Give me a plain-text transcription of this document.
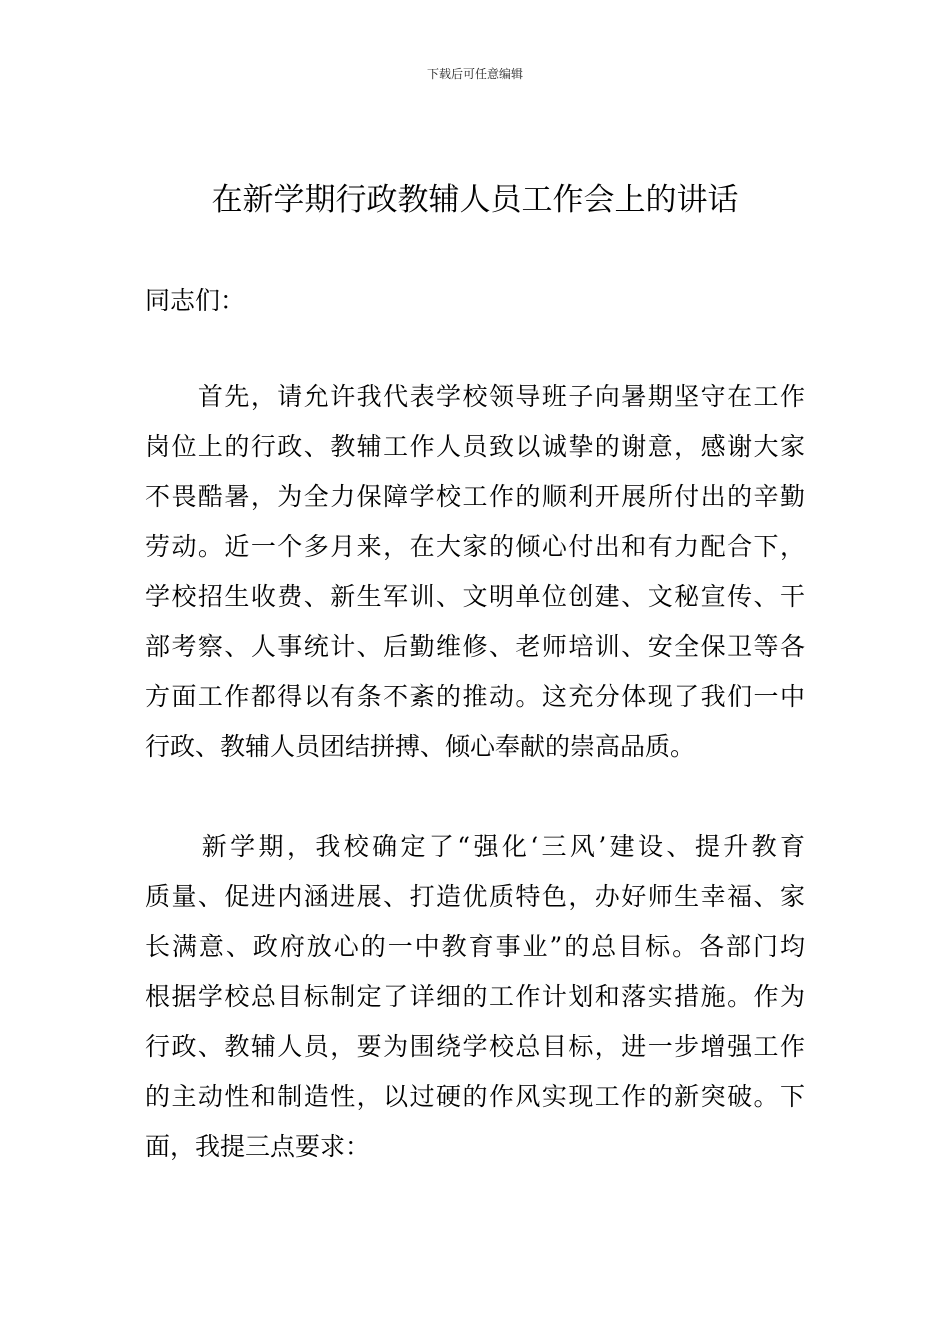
下载后可任意编辑
在新学期行政教辅人员工作会上的讲话
同志们：
　　首先，请允许我代表学校领导班子向暑期坚守在工作
岗位上的行政、教辅工作人员致以诚挚的谢意，感谢大家
不畏酷暑，为全力保障学校工作的顺利开展所付出的辛勤
劳动。近一个多月来，在大家的倾心付出和有力配合下，
学校招生收费、新生军训、文明单位创建、文秘宣传、干
部考察、人事统计、后勤维修、老师培训、安全保卫等各
方面工作都得以有条不紊的推动。这充分体现了我们一中
行政、教辅人员团结拼搏、倾心奉献的崇高品质。
　　新学期，我校确定了“强化‘三风’建设、提升教育
质量、促进内涵进展、打造优质特色，办好师生幸福、家
长满意、政府放心的一中教育事业”的总目标。各部门均
根据学校总目标制定了详细的工作计划和落实措施。作为
行政、教辅人员，要为围绕学校总目标，进一步增强工作
的主动性和制造性，以过硬的作风实现工作的新突破。下
面，我提三点要求：
